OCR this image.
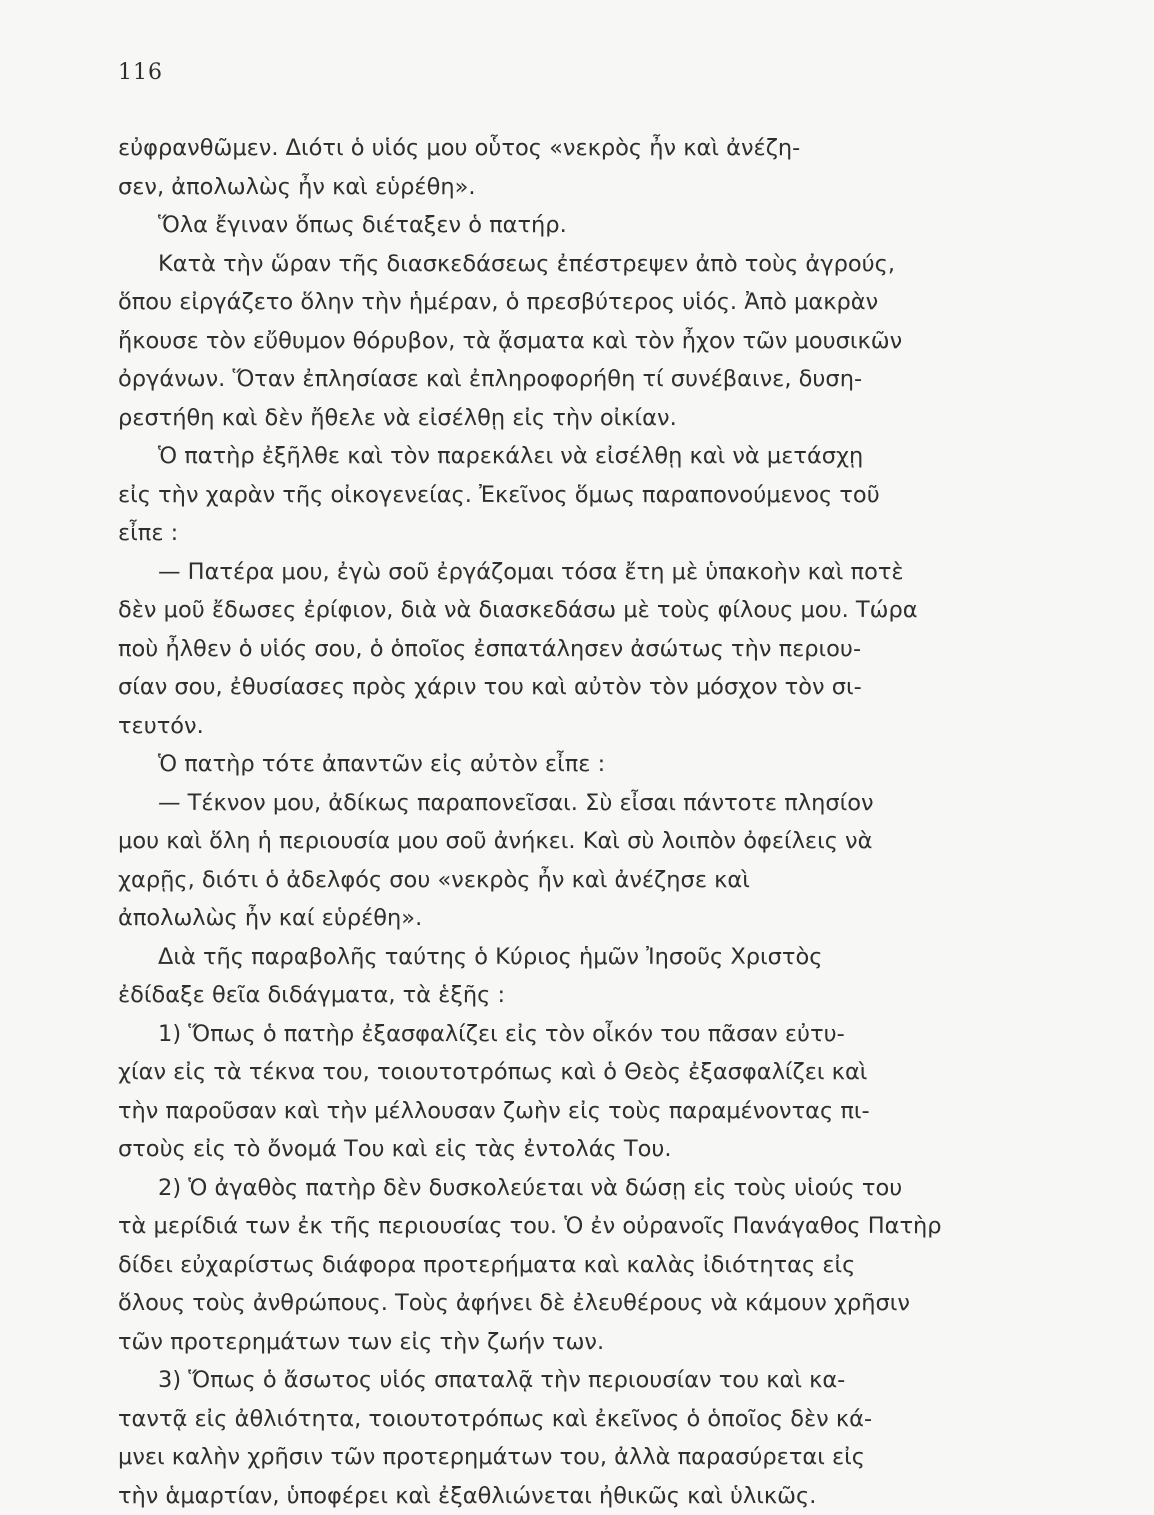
116
εὐφρανθῶμεν. Διότι ὁ υἱός μου οὗτος «νεκρὸς ἦν καὶ ἀνέζη-
σεν, ἀπολωλὼς ἦν καὶ εὑρέθη».
Ὅλα ἔγιναν ὅπως διέταξεν ὁ πατήρ.
Κατὰ τὴν ὥραν τῆς διασκεδάσεως ἐπέστρεψεν ἀπὸ τοὺς ἀγρούς,
ὅπου εἰργάζετο ὅλην τὴν ἡμέραν, ὁ πρεσβύτερος υἱός. Ἀπὸ μακρὰν
ἤκουσε τὸν εὔθυμον θόρυβον, τὰ ᾄσματα καὶ τὸν ἦχον τῶν μουσικῶν
ὀργάνων. Ὅταν ἐπλησίασε καὶ ἐπληροφορήθη τί συνέβαινε, δυση-
ρεστήθη καὶ δὲν ἤθελε νὰ εἰσέλθῃ εἰς τὴν οἰκίαν.
Ὁ πατὴρ ἐξῆλθε καὶ τὸν παρεκάλει νὰ εἰσέλθῃ καὶ νὰ μετάσχῃ
εἰς τὴν χαρὰν τῆς οἰκογενείας. Ἐκεῖνος ὅμως παραπονούμενος τοῦ
εἶπε :
— Πατέρα μου, ἐγὼ σοῦ ἐργάζομαι τόσα ἔτη μὲ ὑπακοὴν καὶ ποτὲ
δὲν μοῦ ἔδωσες ἐρίφιον, διὰ νὰ διασκεδάσω μὲ τοὺς φίλους μου. Τώρα
ποὺ ἦλθεν ὁ υἱός σου, ὁ ὁποῖος ἐσπατάλησεν ἀσώτως τὴν περιου-
σίαν σου, ἐθυσίασες πρὸς χάριν του καὶ αὐτὸν τὸν μόσχον τὸν σι-
τευτόν.
Ὁ πατὴρ τότε ἀπαντῶν εἰς αὐτὸν εἶπε :
— Τέκνον μου, ἀδίκως παραπονεῖσαι. Σὺ εἶσαι πάντοτε πλησίον
μου καὶ ὅλη ἡ περιουσία μου σοῦ ἀνήκει. Καὶ σὺ λοιπὸν ὀφείλεις νὰ
χαρῇς, διότι ὁ ἀδελφός σου «νεκρὸς ἦν καὶ ἀνέζησε καὶ
ἀπολωλὼς ἦν καί εὑρέθη».
Διὰ τῆς παραβολῆς ταύτης ὁ Κύριος ἡμῶν Ἰησοῦς Χριστὸς
ἐδίδαξε θεῖα διδάγματα, τὰ ἑξῆς :
1) Ὅπως ὁ πατὴρ ἐξασφαλίζει εἰς τὸν οἶκόν του πᾶσαν εὐτυ-
χίαν εἰς τὰ τέκνα του, τοιουτοτρόπως καὶ ὁ Θεὸς ἐξασφαλίζει καὶ
τὴν παροῦσαν καὶ τὴν μέλλουσαν ζωὴν εἰς τοὺς παραμένοντας πι-
στοὺς εἰς τὸ ὄνομά Του καὶ εἰς τὰς ἐντολάς Του.
2) Ὁ ἀγαθὸς πατὴρ δὲν δυσκολεύεται νὰ δώσῃ εἰς τοὺς υἱούς του
τὰ μερίδιά των ἐκ τῆς περιουσίας του. Ὁ ἐν οὐρανοῖς Πανάγαθος Πατὴρ
δίδει εὐχαρίστως διάφορα προτερήματα καὶ καλὰς ἰδιότητας εἰς
ὅλους τοὺς ἀνθρώπους. Τοὺς ἀφήνει δὲ ἐλευθέρους νὰ κάμουν χρῆσιν
τῶν προτερημάτων των εἰς τὴν ζωήν των.
3) Ὅπως ὁ ἄσωτος υἱός σπαταλᾷ τὴν περιουσίαν του καὶ κα-
ταντᾷ εἰς ἀθλιότητα, τοιουτοτρόπως καὶ ἐκεῖνος ὁ ὁποῖος δὲν κά-
μνει καλὴν χρῆσιν τῶν προτερημάτων του, ἀλλὰ παρασύρεται εἰς
τὴν ἁμαρτίαν, ὑποφέρει καὶ ἐξαθλιώνεται ἠθικῶς καὶ ὑλικῶς.
